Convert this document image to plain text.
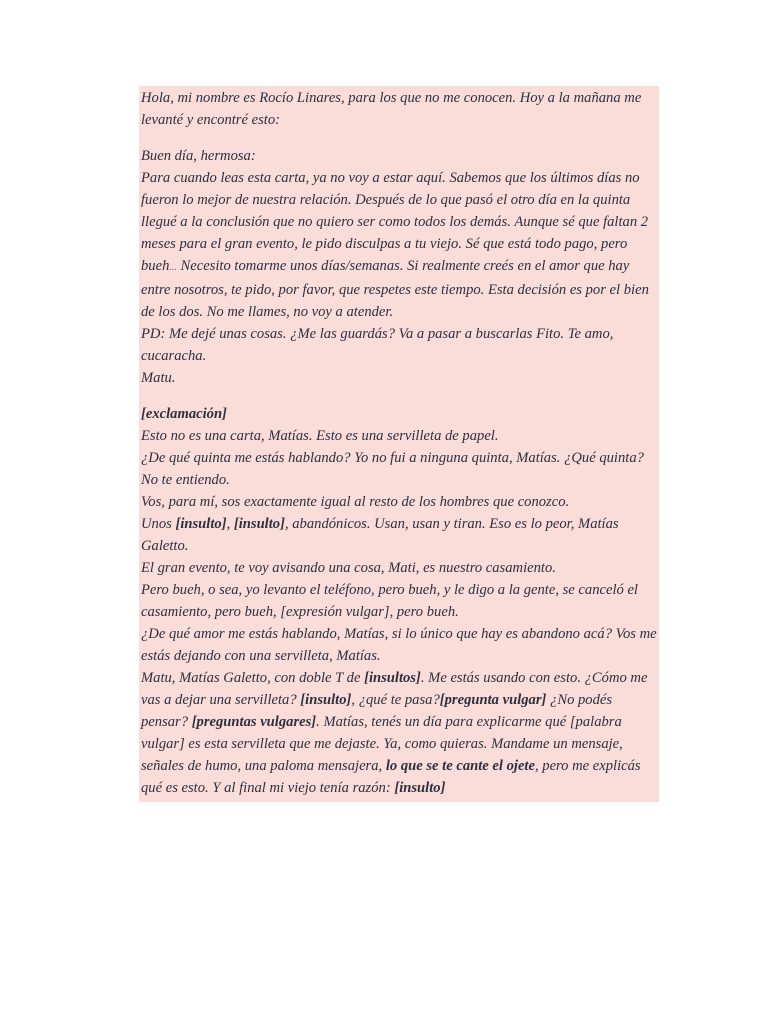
Hola, mi nombre es Rocío Linares, para los que no me conocen. Hoy a la mañana me levanté y encontré esto:

Buen día, hermosa:
Para cuando leas esta carta, ya no voy a estar aquí. Sabemos que los últimos días no fueron lo mejor de nuestra relación. Después de lo que pasó el otro día en la quinta llegué a la conclusión que no quiero ser como todos los demás. Aunque sé que faltan 2 meses para el gran evento, le pido disculpas a tu viejo. Sé que está todo pago, pero bueh... Necesito tomarme unos días/semanas. Si realmente creés en el amor que hay entre nosotros, te pido, por favor, que respetes este tiempo. Esta decisión es por el bien de los dos. No me llames, no voy a atender.
PD: Me dejé unas cosas. ¿Me las guardás? Va a pasar a buscarlas Fito. Te amo, cucaracha.
Matu.

[exclamación]
Esto no es una carta, Matías. Esto es una servilleta de papel.
¿De qué quinta me estás hablando? Yo no fui a ninguna quinta, Matías. ¿Qué quinta? No te entiendo.
Vos, para mí, sos exactamente igual al resto de los hombres que conozco.
Unos [insulto], [insulto], abandónicos. Usan, usan y tiran. Eso es lo peor, Matías Galetto.
El gran evento, te voy avisando una cosa, Mati, es nuestro casamiento.
Pero bueh, o sea, yo levanto el teléfono, pero bueh, y le digo a la gente, se canceló el casamiento, pero bueh, [expresión vulgar], pero bueh.
¿De qué amor me estás hablando, Matías, si lo único que hay es abandono acá? Vos me estás dejando con una servilleta, Matías.
Matu, Matías Galetto, con doble T de [insultos]. Me estás usando con esto. ¿Cómo me vas a dejar una servilleta? [insulto], ¿qué te pasa?[pregunta vulgar] ¿No podés pensar? [preguntas vulgares]. Matías, tenés un día para explicarme qué [palabra vulgar] es esta servilleta que me dejaste. Ya, como quieras. Mandame un mensaje, señales de humo, una paloma mensajera, lo que se te cante el ojete, pero me explicás qué es esto. Y al final mi viejo tenía razón: [insulto]
